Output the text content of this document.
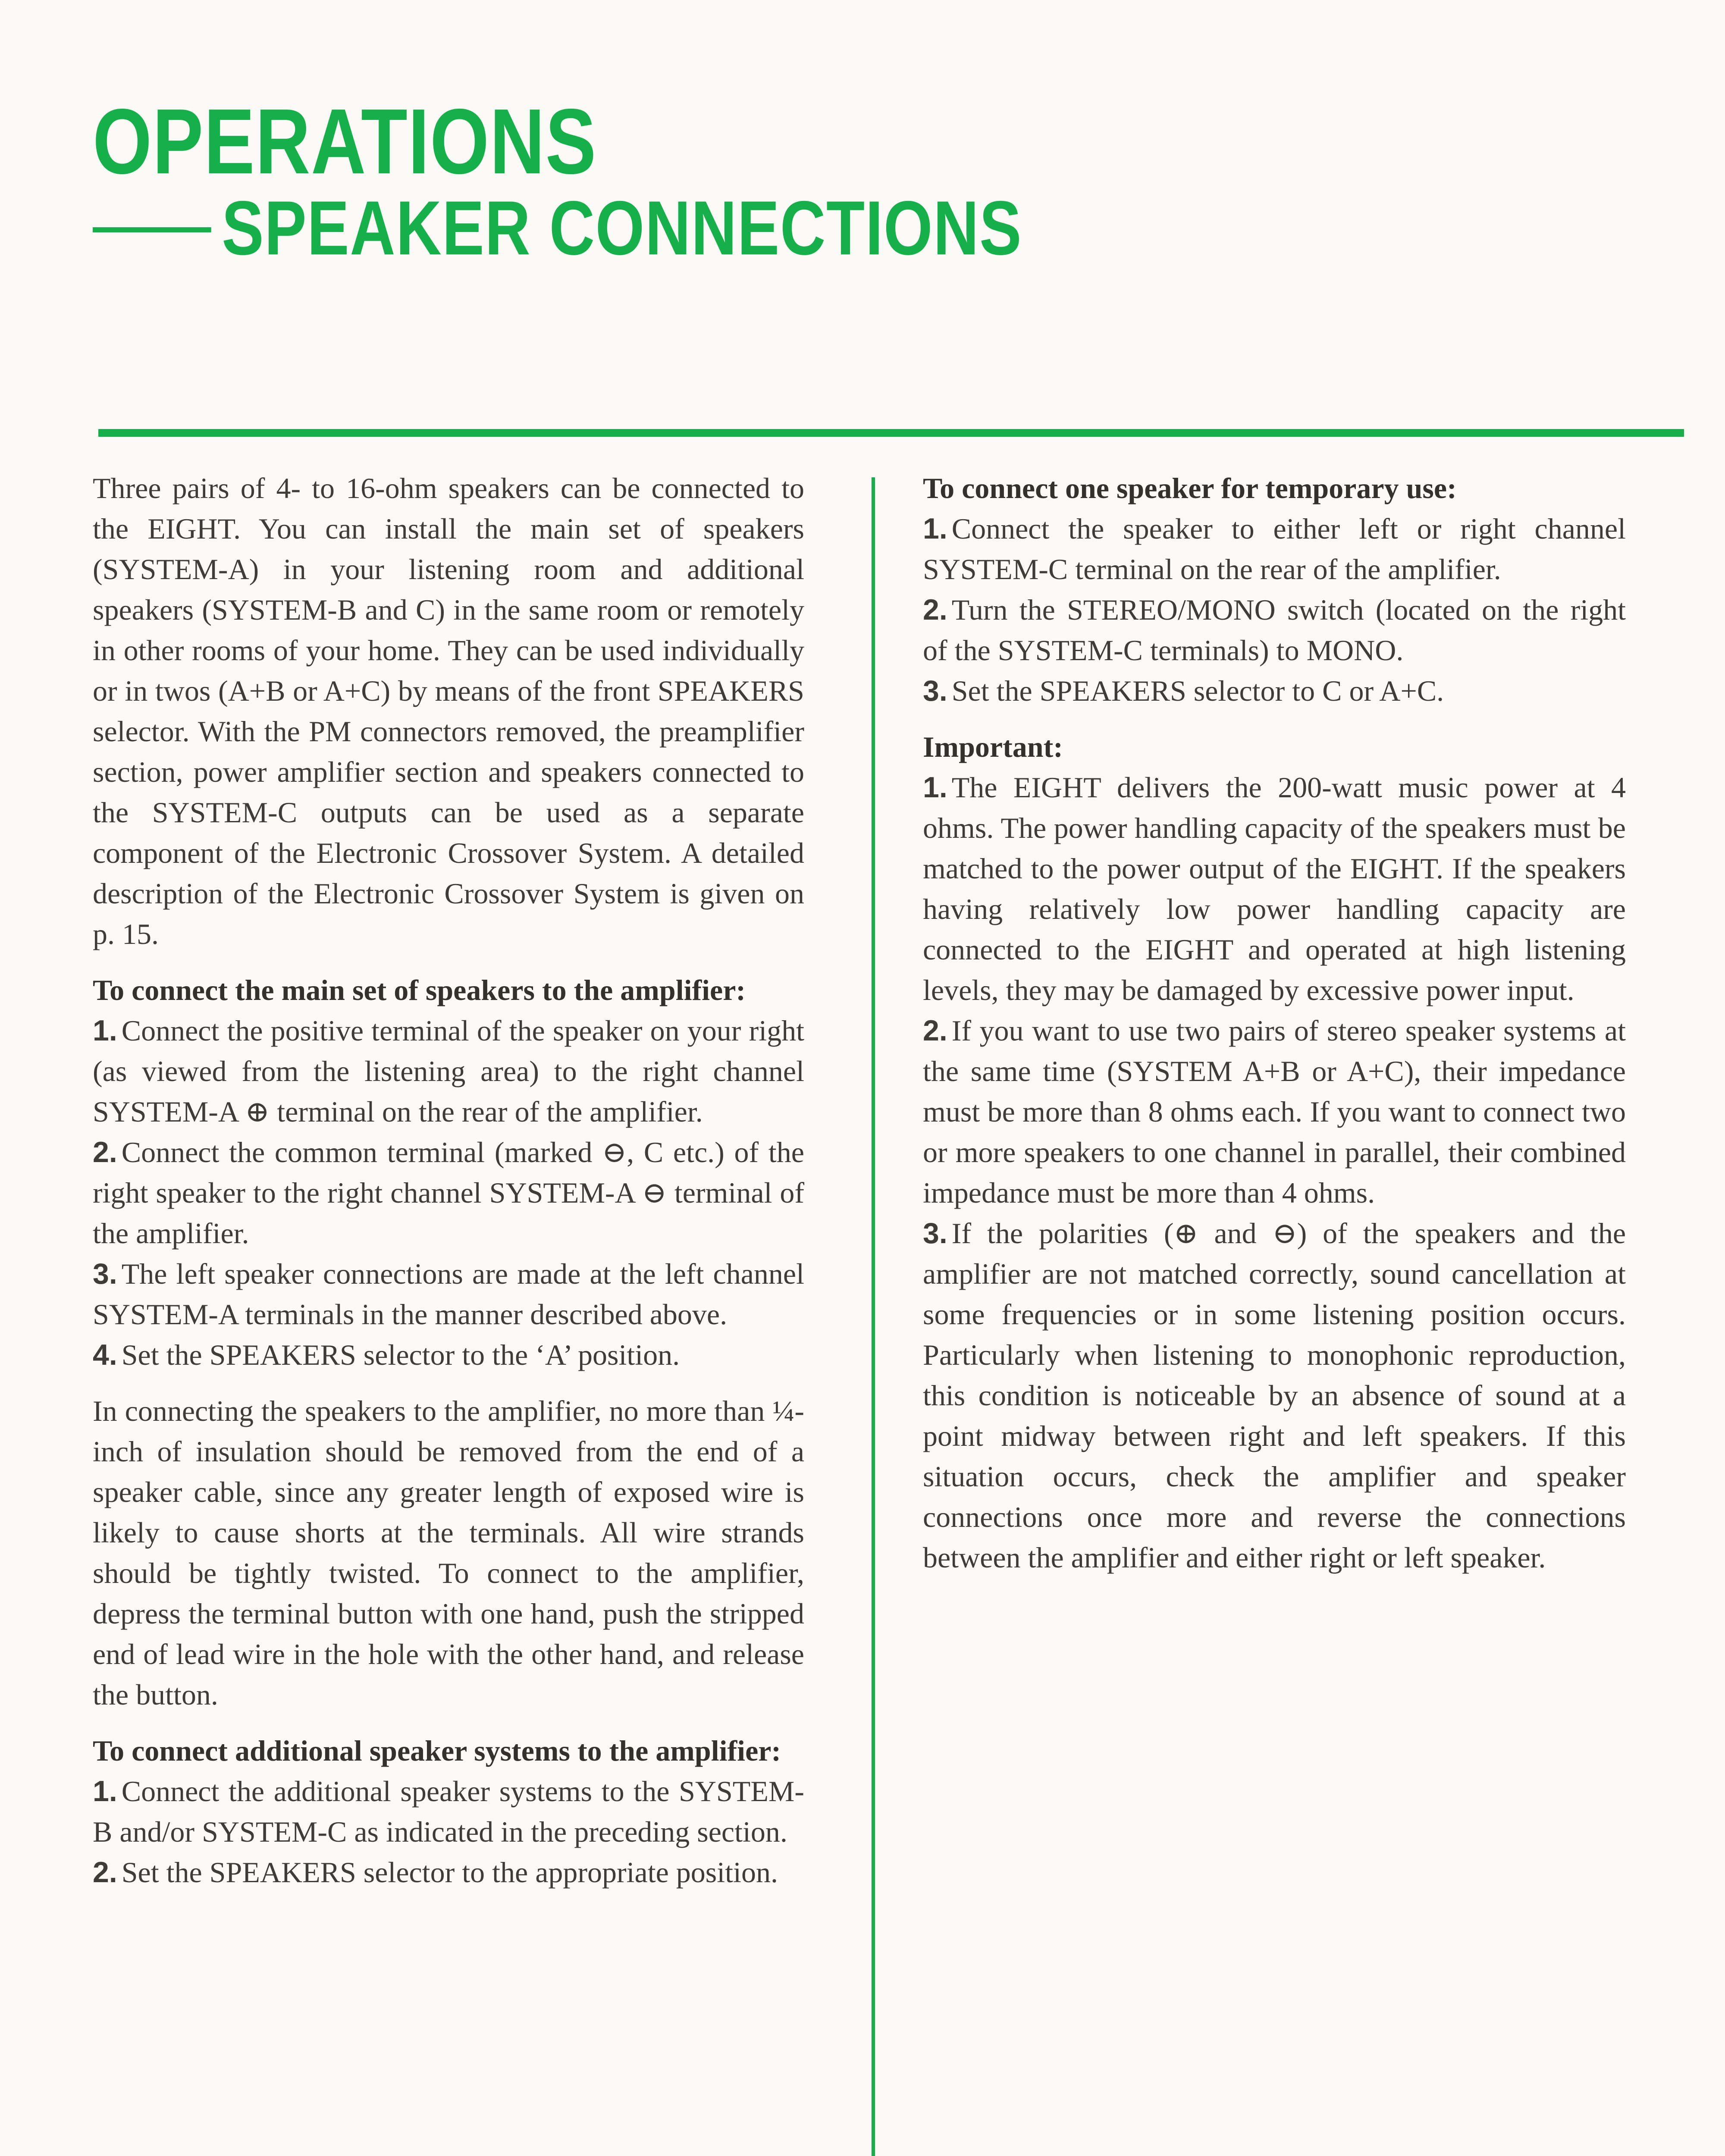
OPERATIONS
SPEAKER CONNECTIONS

Three pairs of 4- to 16-ohm speakers can be connected to the EIGHT. You can install the main set of speakers (SYSTEM-A) in your listening room and additional speakers (SYSTEM-B and C) in the same room or remotely in other rooms of your home. They can be used individually or in twos (A+B or A+C) by means of the front SPEAKERS selector. With the PM connectors removed, the preamplifier section, power amplifier section and speakers connected to the SYSTEM-C outputs can be used as a separate component of the Electronic Crossover System. A detailed description of the Electronic Crossover System is given on p. 15.

To connect the main set of speakers to the amplifier:

1. Connect the positive terminal of the speaker on your right (as viewed from the listening area) to the right channel SYSTEM-A ⊕ terminal on the rear of the amplifier.

2. Connect the common terminal (marked ⊖, C etc.) of the right speaker to the right channel SYSTEM-A ⊖ terminal of the amplifier.

3. The left speaker connections are made at the left channel SYSTEM-A terminals in the manner described above.

4. Set the SPEAKERS selector to the ‘A’ position.

In connecting the speakers to the amplifier, no more than ¼-inch of insulation should be removed from the end of a speaker cable, since any greater length of exposed wire is likely to cause shorts at the terminals. All wire strands should be tightly twisted. To connect to the amplifier, depress the terminal button with one hand, push the stripped end of lead wire in the hole with the other hand, and release the button.

To connect additional speaker systems to the amplifier:

1. Connect the additional speaker systems to the SYSTEM-B and/or SYSTEM-C as indicated in the preceding section.

2. Set the SPEAKERS selector to the appropriate position.

To connect one speaker for temporary use:

1. Connect the speaker to either left or right channel SYSTEM-C terminal on the rear of the amplifier.

2. Turn the STEREO/MONO switch (located on the right of the SYSTEM-C terminals) to MONO.

3. Set the SPEAKERS selector to C or A+C.

Important:

1. The EIGHT delivers the 200-watt music power at 4 ohms. The power handling capacity of the speakers must be matched to the power output of the EIGHT. If the speakers having relatively low power handling capacity are connected to the EIGHT and operated at high listening levels, they may be damaged by excessive power input.

2. If you want to use two pairs of stereo speaker systems at the same time (SYSTEM A+B or A+C), their impedance must be more than 8 ohms each. If you want to connect two or more speakers to one channel in parallel, their combined impedance must be more than 4 ohms.

3. If the polarities (⊕ and ⊖) of the speakers and the amplifier are not matched correctly, sound cancellation at some frequencies or in some listening position occurs. Particularly when listening to monophonic reproduction, this condition is noticeable by an absence of sound at a point midway between right and left speakers. If this situation occurs, check the amplifier and speaker connections once more and reverse the connections between the amplifier and either right or left speaker.
